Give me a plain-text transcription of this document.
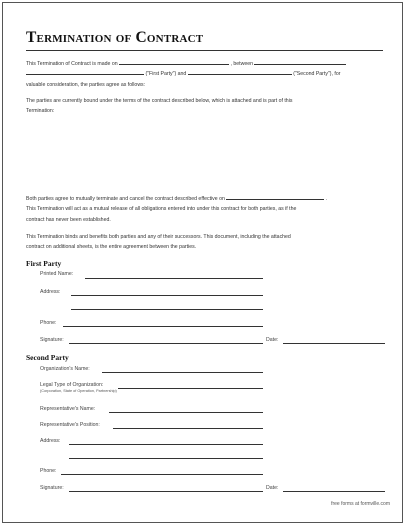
Termination of Contract
This Termination of Contract is made on	, between
("First Party") and	("Second Party"), for
valuable consideration, the parties agree as follows:
The parties are currently bound under the terms of the contract described below, which is attached and is part of this
Termination:
Both parties agree to mutually terminate and cancel the contract described effective on	.
This Termination will act as a mutual release of all obligations entered into under this contract for both parties, as if the
contract has never been established.
This Termination binds and benefits both parties and any of their successors. This document, including the attached
contract on additional sheets, is the entire agreement between the parties.
First Party
Printed Name:
Address:
Phone:
Signature:	Date:
Second Party
Organization's Name:
Legal Type of Organization:
(Corporation, State of Operation, Partnership)
Representative's Name:
Representative's Position:
Address:
Phone:
Signature:	Date:
free forms at formville.com
